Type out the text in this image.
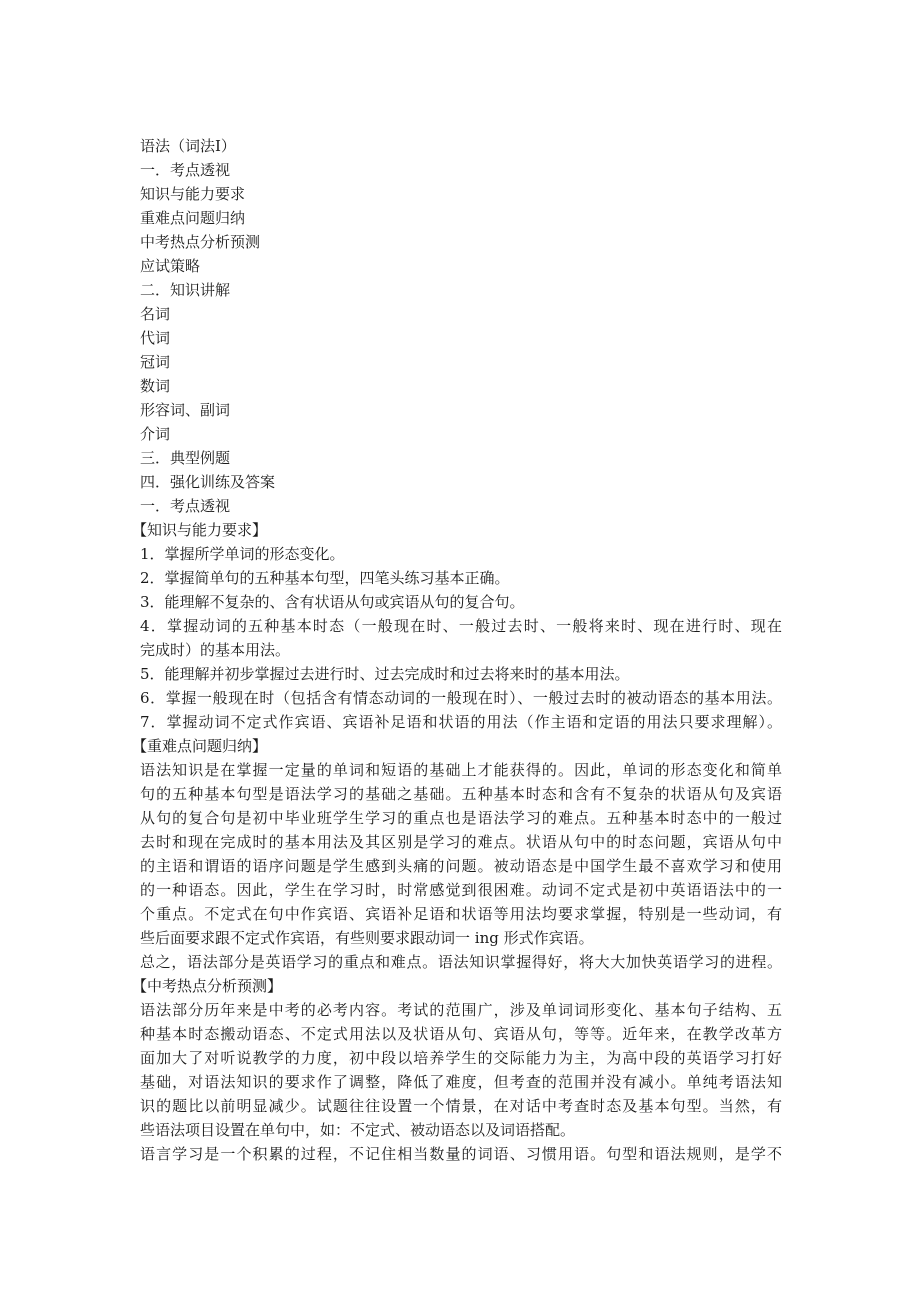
语法（词法Ⅰ）
一．考点透视
知识与能力要求
重难点问题归纳
中考热点分析预测
应试策略
二．知识讲解
名词
代词
冠词
数词
形容词、副词
介词
三．典型例题
四．强化训练及答案
一．考点透视
【知识与能力要求】
1．掌握所学单词的形态变化。
2．掌握简单句的五种基本句型，四笔头练习基本正确。
3．能理解不复杂的、含有状语从句或宾语从句的复合句。
4．掌握动词的五种基本时态（一般现在时、一般过去时、一般将来时、现在进行时、现在
完成时）的基本用法。
5．能理解并初步掌握过去进行时、过去完成时和过去将来时的基本用法。
6．掌握一般现在时（包括含有情态动词的一般现在时）、一般过去时的被动语态的基本用法。
7．掌握动词不定式作宾语、宾语补足语和状语的用法（作主语和定语的用法只要求理解）。
【重难点问题归纳】
语法知识是在掌握一定量的单词和短语的基础上才能获得的。因此，单词的形态变化和简单
句的五种基本句型是语法学习的基础之基础。五种基本时态和含有不复杂的状语从句及宾语
从句的复合句是初中毕业班学生学习的重点也是语法学习的难点。五种基本时态中的一般过
去时和现在完成时的基本用法及其区别是学习的难点。状语从句中的时态问题，宾语从句中
的主语和谓语的语序问题是学生感到头痛的问题。被动语态是中国学生最不喜欢学习和使用
的一种语态。因此，学生在学习时，时常感觉到很困难。动词不定式是初中英语语法中的一
个重点。不定式在句中作宾语、宾语补足语和状语等用法均要求掌握，特别是一些动词，有
些后面要求跟不定式作宾语，有些则要求跟动词一 ing 形式作宾语。
总之，语法部分是英语学习的重点和难点。语法知识掌握得好，将大大加快英语学习的进程。
【中考热点分析预测】
语法部分历年来是中考的必考内容。考试的范围广，涉及单词词形变化、基本句子结构、五
种基本时态搬动语态、不定式用法以及状语从句、宾语从句，等等。近年来，在教学改革方
面加大了对听说教学的力度，初中段以培养学生的交际能力为主，为高中段的英语学习打好
基础，对语法知识的要求作了调整，降低了难度，但考查的范围并没有减小。单纯考语法知
识的题比以前明显减少。试题往往设置一个情景，在对话中考查时态及基本句型。当然，有
些语法项目设置在单句中，如：不定式、被动语态以及词语搭配。
语言学习是一个积累的过程，不记住相当数量的词语、习惯用语。句型和语法规则，是学不
